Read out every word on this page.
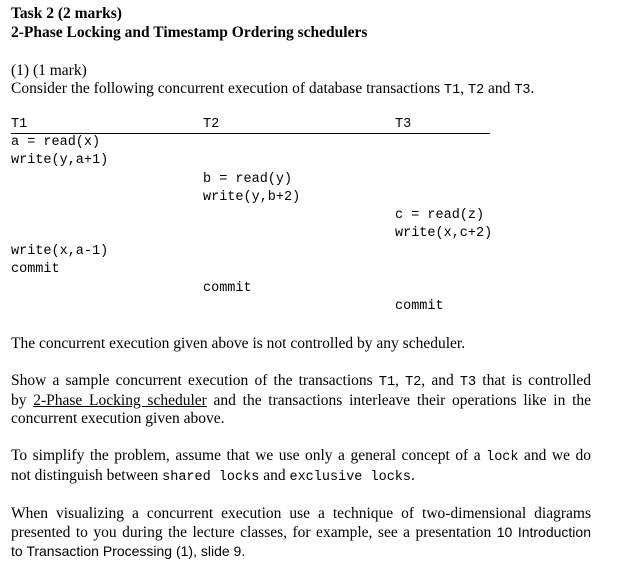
Task 2 (2 marks)
2-Phase Locking and Timestamp Ordering schedulers
(1) (1 mark)
Consider the following concurrent execution of database transactions T1, T2 and T3.
T1	T2	T3
a = read(x)
write(y,a+1)
b = read(y)
write(y,b+2)
c = read(z)
write(x,c+2)
write(x,a-1)
commit
commit
commit
The concurrent execution given above is not controlled by any scheduler.
Show a sample concurrent execution of the transactions T1, T2, and T3 that is controlled
by 2-Phase Locking scheduler and the transactions interleave their operations like in the
concurrent execution given above.
To simplify the problem, assume that we use only a general concept of a lock and we do
not distinguish between shared locks and exclusive locks.
When visualizing a concurrent execution use a technique of two-dimensional diagrams
presented to you during the lecture classes, for example, see a presentation 10 Introduction
to Transaction Processing (1), slide 9.
